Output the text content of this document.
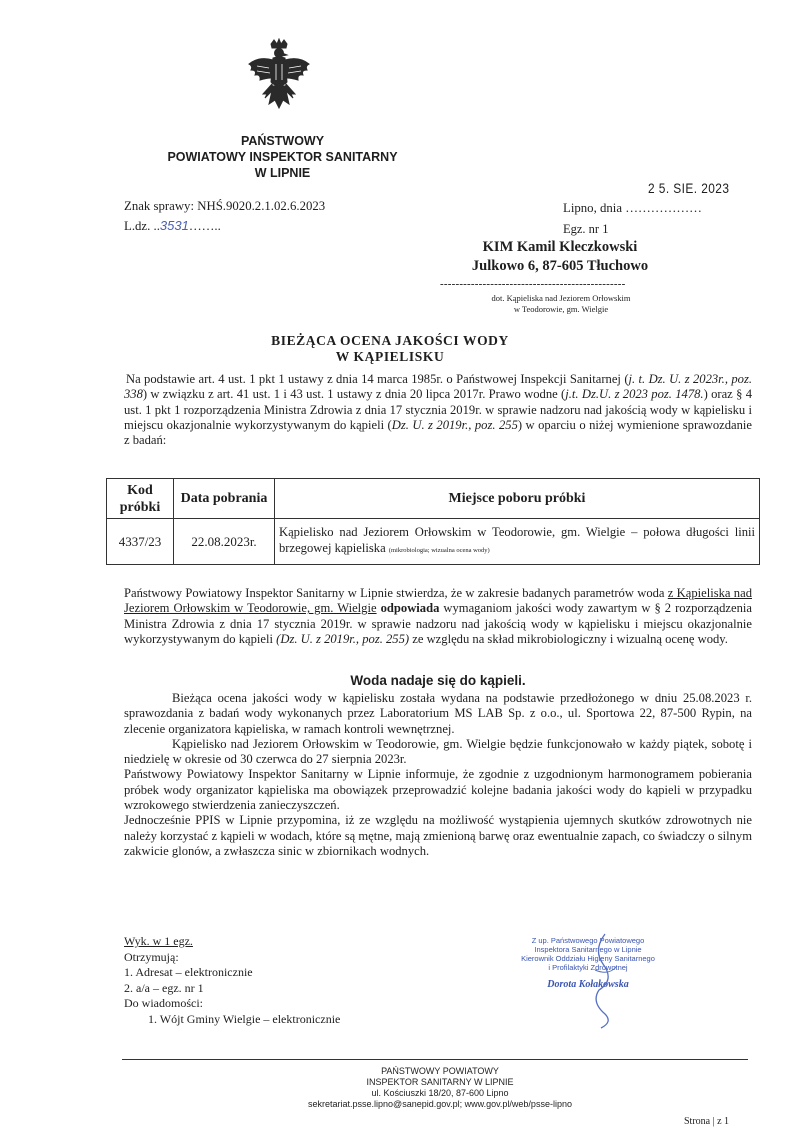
PAŃSTWOWY
POWIATOWY INSPEKTOR SANITARNY
W LIPNIE
2 5. SIE. 2023
Znak sprawy: NHŚ.9020.2.1.02.6.2023
L.dz. ..3531……..
Lipno, dnia ………………
Egz. nr 1
KIM Kamil Kleczkowski
Julkowo 6, 87-605 Tłuchowo
------------------------------------------------
dot. Kąpieliska nad Jeziorem Orłowskim
w Teodorowie, gm. Wielgie
BIEŻĄCA OCENA JAKOŚCI WODY
W KĄPIELISKU
Na podstawie art. 4 ust. 1 pkt 1 ustawy z dnia 14 marca 1985r. o Państwowej Inspekcji Sanitarnej (j. t. Dz. U. z 2023r., poz. 338) w związku z art. 41 ust. 1 i 43 ust. 1 ustawy z dnia 20 lipca 2017r. Prawo wodne (j.t. Dz.U. z 2023 poz. 1478.) oraz § 4 ust. 1 pkt 1 rozporządzenia Ministra Zdrowia z dnia 17 stycznia 2019r. w sprawie nadzoru nad jakością wody w kąpielisku i miejscu okazjonalnie wykorzystywanym do kąpieli (Dz. U. z 2019r., poz. 255) w oparciu o niżej wymienione sprawozdanie z badań:
Kod próbki	Data pobrania	Miejsce poboru próbki
4337/23	22.08.2023r.	Kąpielisko nad Jeziorem Orłowskim w Teodorowie, gm. Wielgie – połowa długości linii brzegowej kąpieliska (mikrobiologia; wizualna ocena wody)
Państwowy Powiatowy Inspektor Sanitarny w Lipnie stwierdza, że w zakresie badanych parametrów woda z Kąpieliska nad Jeziorem Orłowskim w Teodorowie, gm. Wielgie odpowiada wymaganiom jakości wody zawartym w § 2 rozporządzenia Ministra Zdrowia z dnia 17 stycznia 2019r. w sprawie nadzoru nad jakością wody w kąpielisku i miejscu okazjonalnie wykorzystywanym do kąpieli (Dz. U. z 2019r., poz. 255) ze względu na skład mikrobiologiczny i wizualną ocenę wody.
Woda nadaje się do kąpieli.
Bieżąca ocena jakości wody w kąpielisku została wydana na podstawie przedłożonego w dniu 25.08.2023 r. sprawozdania z badań wody wykonanych przez Laboratorium MS LAB Sp. z o.o., ul. Sportowa 22, 87-500 Rypin, na zlecenie organizatora kąpieliska, w ramach kontroli wewnętrznej.
Kąpielisko nad Jeziorem Orłowskim w Teodorowie, gm. Wielgie będzie funkcjonowało w każdy piątek, sobotę i niedzielę w okresie od 30 czerwca do 27 sierpnia 2023r.
Państwowy Powiatowy Inspektor Sanitarny w Lipnie informuje, że zgodnie z uzgodnionym harmonogramem pobierania próbek wody organizator kąpieliska ma obowiązek przeprowadzić kolejne badania jakości wody do kąpieli w przypadku wzrokowego stwierdzenia zanieczyszczeń.
Jednocześnie PPIS w Lipnie przypomina, iż ze względu na możliwość wystąpienia ujemnych skutków zdrowotnych nie należy korzystać z kąpieli w wodach, które są mętne, mają zmienioną barwę oraz ewentualnie zapach, co świadczy o silnym zakwicie glonów, a zwłaszcza sinic w zbiornikach wodnych.
Wyk. w 1 egz.
Otrzymują:
1. Adresat – elektronicznie
2. a/a – egz. nr 1
Do wiadomości:
1. Wójt Gminy Wielgie – elektronicznie
Z up. Państwowego Powiatowego
Inspektora Sanitarnego w Lipnie
Kierownik Oddziału Higieny Sanitarnego
i Profilaktyki Zdrowotnej
Dorota Kołakowska
PAŃSTWOWY POWIATOWY
INSPEKTOR SANITARNY W LIPNIE
ul. Kościuszki 18/20, 87-600 Lipno
sekretariat.psse.lipno@sanepid.gov.pl; www.gov.pl/web/psse-lipno
Strona | z 1
